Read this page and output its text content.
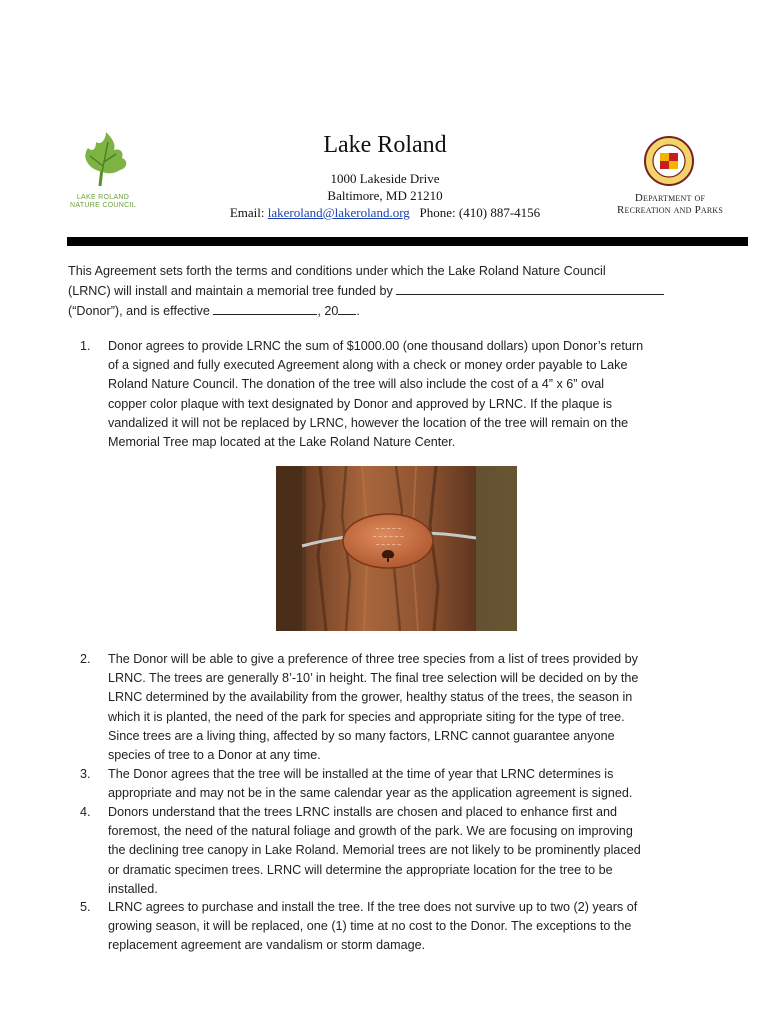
LAKE ROLAND NATURE COUNCIL
Lake Roland
1000 Lakeside Drive
Baltimore, MD 21210
Email: lakeroland@lakeroland.org Phone: (410) 887-4156
Department of
Recreation and Parks
This Agreement sets forth the terms and conditions under which the Lake Roland Nature Council
(LRNC) will install and maintain a memorial tree funded by
(“Donor”), and is effective	, 20 .
1.	Donor agrees to provide LRNC the sum of $1000.00 (one thousand dollars) upon Donor’s return
of a signed and fully executed Agreement along with a check or money order payable to Lake
Roland Nature Council. The donation of the tree will also include the cost of a 4” x 6” oval
copper color plaque with text designated by Donor and approved by LRNC. If the plaque is
vandalized it will not be replaced by LRNC, however the location of the tree will remain on the
Memorial Tree map located at the Lake Roland Nature Center.
∼ ∼ ∼ ∼ ∼
∼ ∼ ∼ ∼ ∼ ∼
∼ ∼ ∼ ∼ ∼
2.	The Donor will be able to give a preference of three tree species from a list of trees provided by
LRNC. The trees are generally 8’-10’ in height. The final tree selection will be decided on by the
LRNC determined by the availability from the grower, healthy status of the trees, the season in
which it is planted, the need of the park for species and appropriate siting for the type of tree.
Since trees are a living thing, affected by so many factors, LRNC cannot guarantee anyone
species of tree to a Donor at any time.
3.	The Donor agrees that the tree will be installed at the time of year that LRNC determines is
appropriate and may not be in the same calendar year as the application agreement is signed.
4.	Donors understand that the trees LRNC installs are chosen and placed to enhance first and
foremost, the need of the natural foliage and growth of the park. We are focusing on improving
the declining tree canopy in Lake Roland. Memorial trees are not likely to be prominently placed
or dramatic specimen trees. LRNC will determine the appropriate location for the tree to be
installed.
5.	LRNC agrees to purchase and install the tree. If the tree does not survive up to two (2) years of
growing season, it will be replaced, one (1) time at no cost to the Donor. The exceptions to the
replacement agreement are vandalism or storm damage.
